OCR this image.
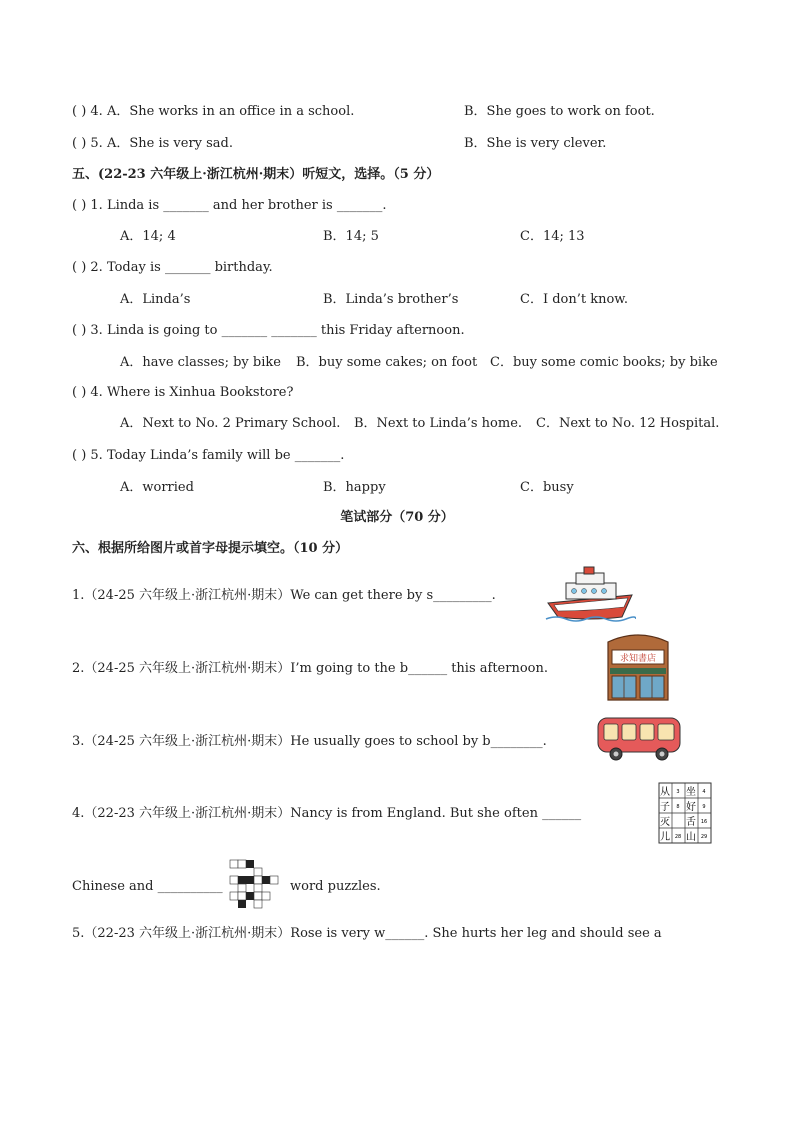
( ) 4. A．She works in an office in a school.	B．She goes to work on foot.
( ) 5. A．She is very sad.	B．She is very clever.
五、(22-23 六年级上·浙江杭州·期末）听短文，选择。（5 分）
( ) 1. Linda is _______ and her brother is _______.
A．14; 4	B．14; 5	C．14; 13
( ) 2. Today is _______ birthday.
A．Linda’s	B．Linda’s brother’s	C．I don’t know.
( ) 3. Linda is going to _______ _______ this Friday afternoon.
A．have classes; by bike B．buy some cakes; on foot C．buy some comic books; by bike
( ) 4. Where is Xinhua Bookstore?
A．Next to No. 2 Primary School. B．Next to Linda’s home. C．Next to No. 12 Hospital.
( ) 5. Today Linda’s family will be _______.
A．worried	B．happy	C．busy
笔试部分（70 分）
六、根据所给图片或首字母提示填空。（10 分）
1.（24-25 六年级上·浙江杭州·期末）We can get there by s_________.
2.（24-25 六年级上·浙江杭州·期末）I’m going to the b______ this afternoon.
求知書店
3.（24-25 六年级上·浙江杭州·期末）He usually goes to school by b________.
4.（22-23 六年级上·浙江杭州·期末）Nancy is from England. But she often ______
从 坐
子 好
灭 舌
儿 山
3	4
8	9
16
28	29
Chinese and __________	word puzzles.
5.（22-23 六年级上·浙江杭州·期末）Rose is very w______. She hurts her leg and should see a
